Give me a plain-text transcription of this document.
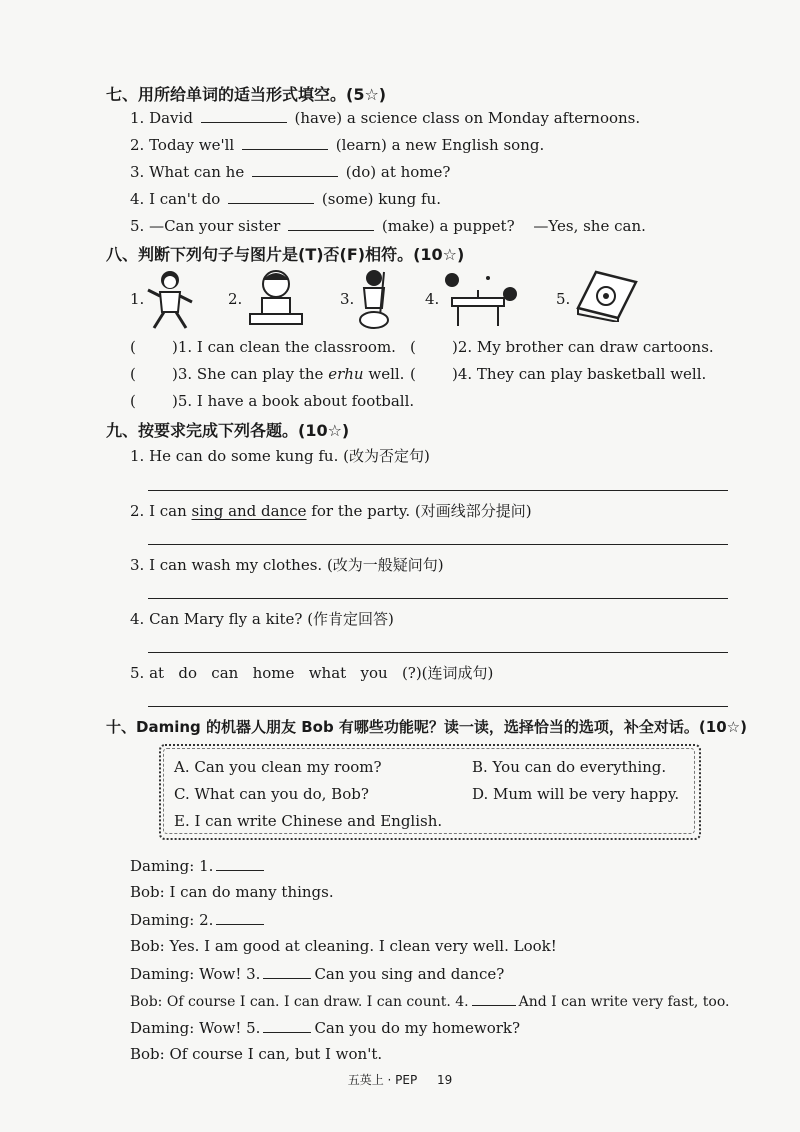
七、用所给单词的适当形式填空。(5☆)
1. David	(have) a science class on Monday afternoons.
2. Today we'll	(learn) a new English song.
3. What can he	(do) at home?
4. I can't do	(some) kung fu.
5. —Can your sister	(make) a puppet? —Yes, she can.
八、判断下列句子与图片是(T)否(F)相符。(10☆)
1.	2.	3.	4.	5.
( )1. I can clean the classroom. ( )2. My brother can draw cartoons.
( )3. She can play the erhu well. ( )4. They can play basketball well.
( )5. I have a book about football.
九、按要求完成下列各题。(10☆)
1. He can do some kung fu. (改为否定句)
2. I can sing and dance for the party. (对画线部分提问)
3. I can wash my clothes. (改为一般疑问句)
4. Can Mary fly a kite? (作肯定回答)
5. at   do   can   home   what   you   (?)(连词成句)
十、Daming 的机器人朋友 Bob 有哪些功能呢？读一读，选择恰当的选项，补全对话。(10☆)
A. Can you clean my room?	B. You can do everything.
C. What can you do, Bob?	D. Mum will be very happy.
E. I can write Chinese and English.
Daming: 1.
Bob: I can do many things.
Daming: 2.
Bob: Yes. I am good at cleaning. I clean very well. Look!
Daming: Wow! 3.	Can you sing and dance?
Bob: Of course I can. I can draw. I can count. 4.	And I can write very fast, too.
Daming: Wow! 5.	Can you do my homework?
Bob: Of course I can, but I won't.
五英上 · PEP 19
